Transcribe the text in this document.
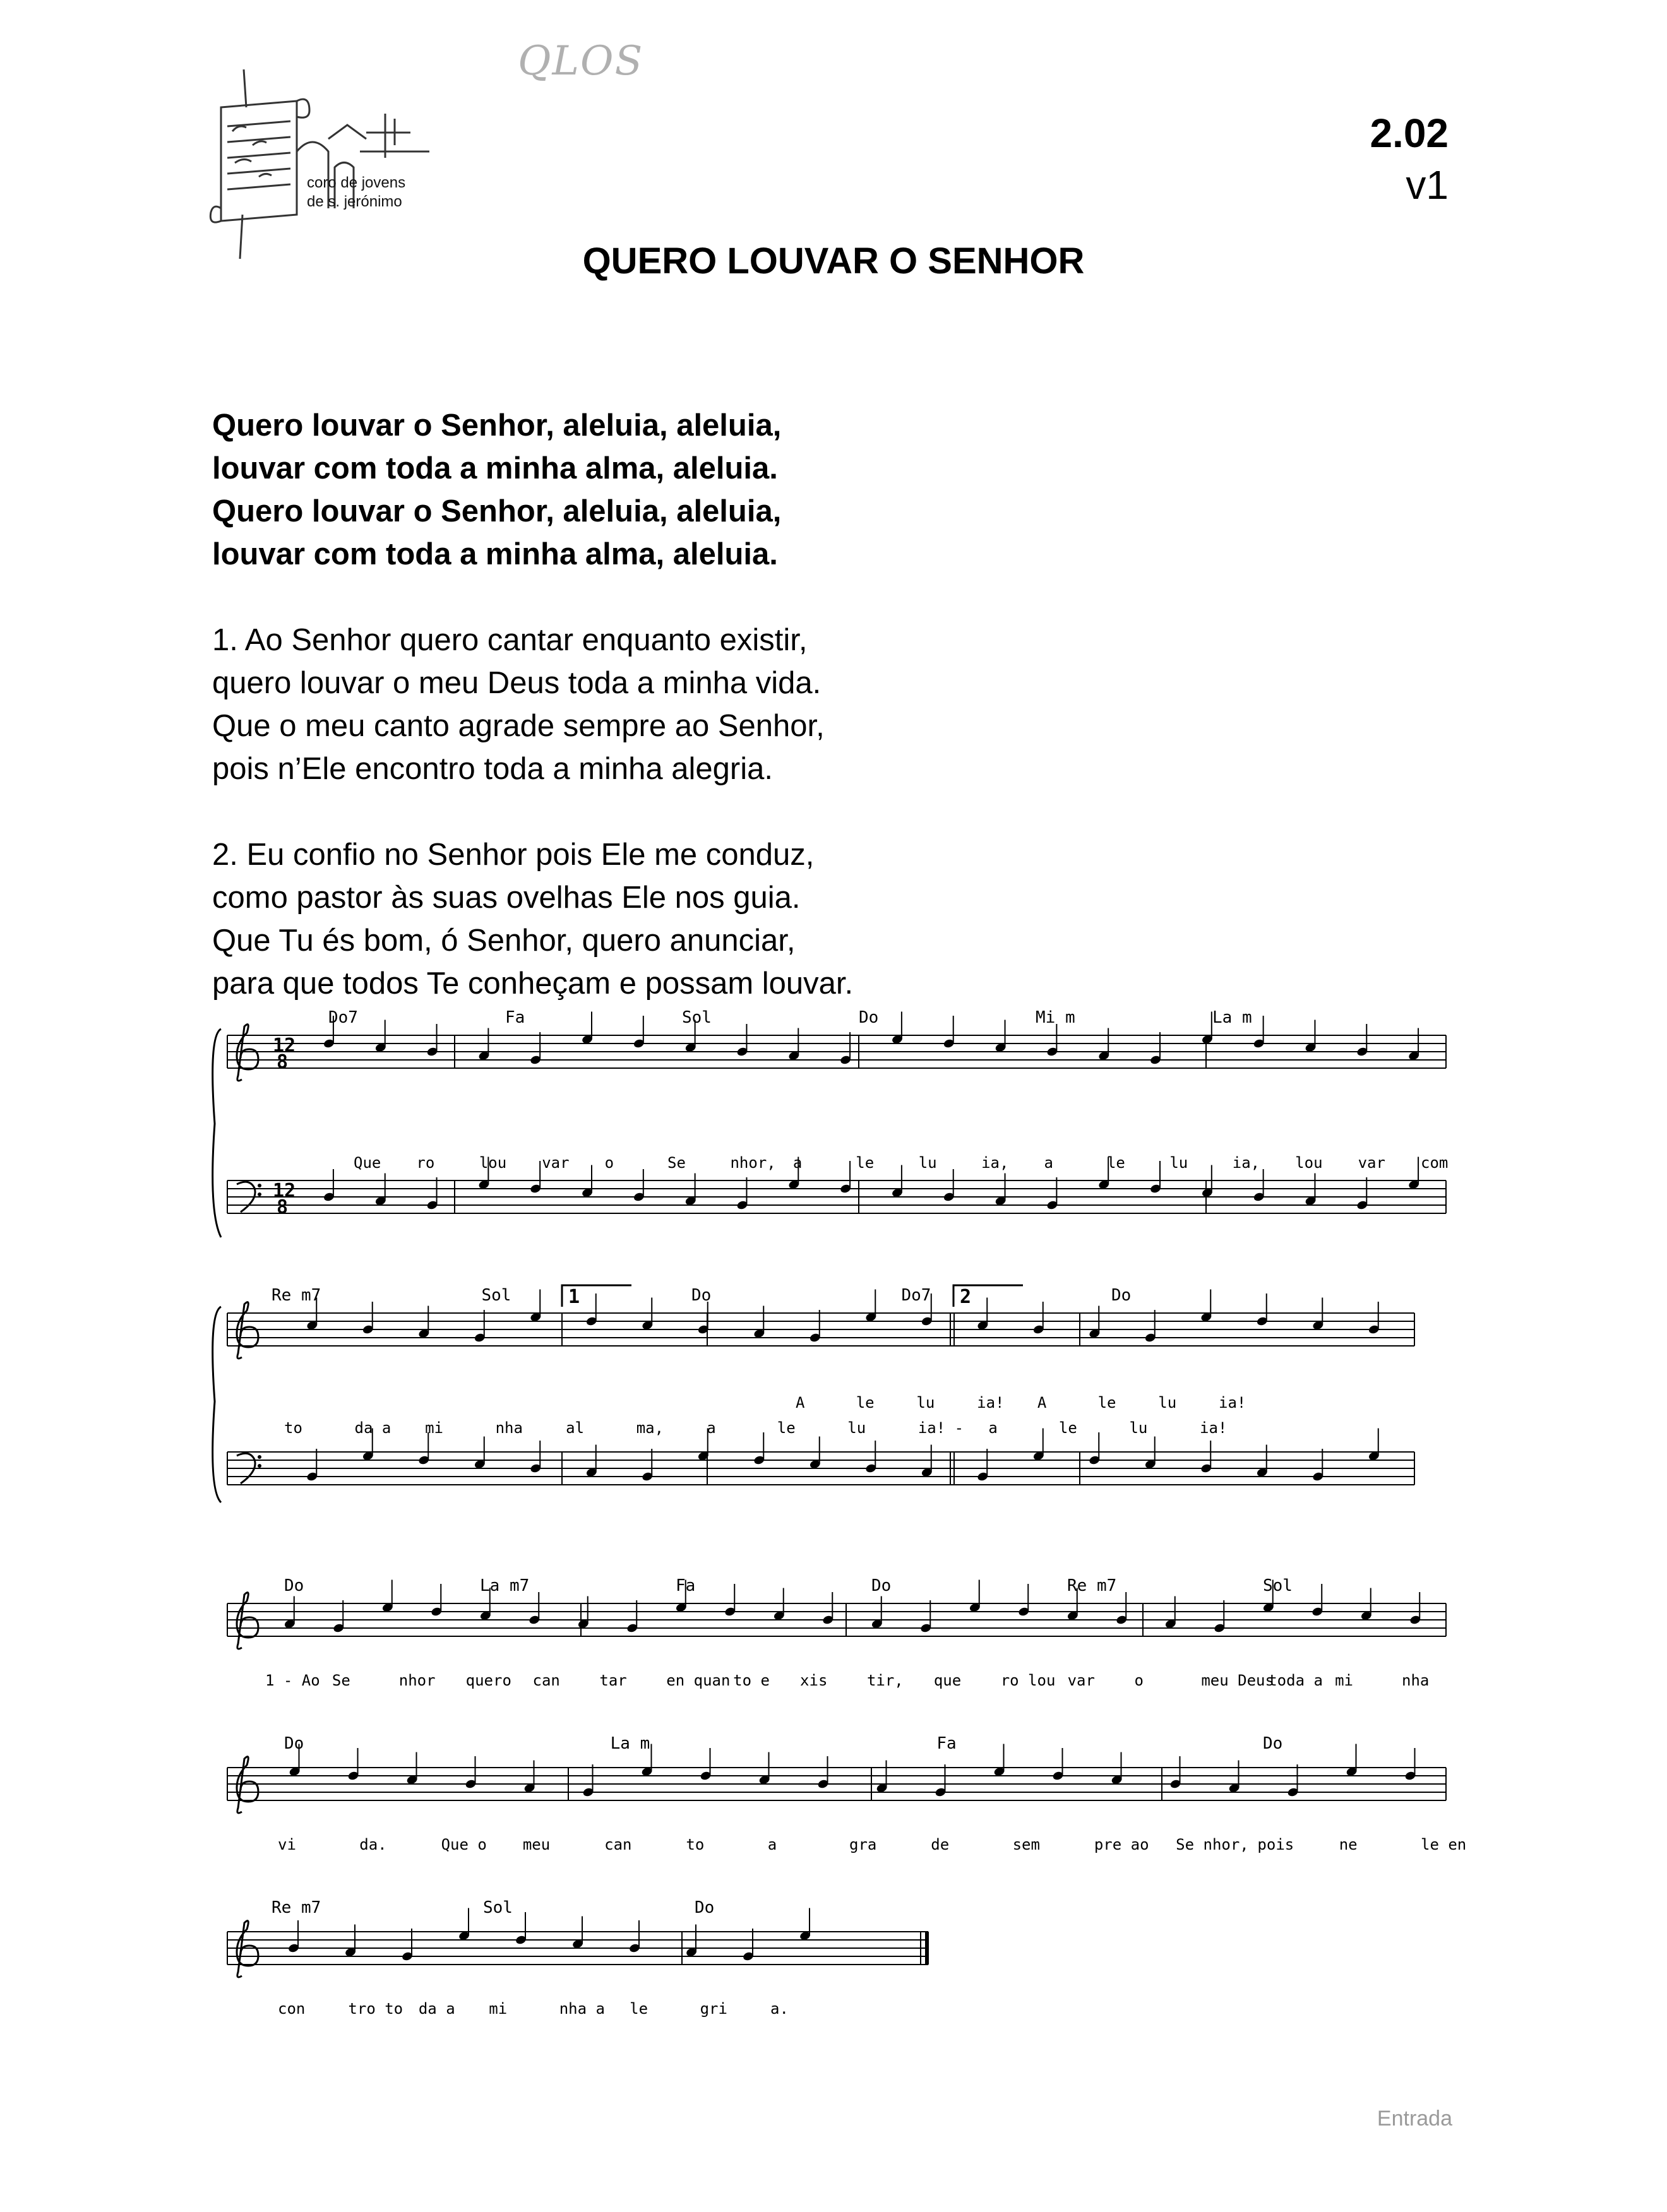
QLOS
coro de jovens
de s. jerónimo
2.02
v1
QUERO LOUVAR O SENHOR
Quero louvar o Senhor, aleluia, aleluia,
louvar com toda a minha alma, aleluia.
Quero louvar o Senhor, aleluia, aleluia,
louvar com toda a minha alma, aleluia.
1. Ao Senhor quero cantar enquanto existir,
quero louvar o meu Deus toda a minha vida.
Que o meu canto agrade sempre ao Senhor,
pois n’Ele encontro toda a minha alegria.
2. Eu confio no Senhor pois Ele me conduz,
como pastor às suas ovelhas Ele nos guia.
Que Tu és bom, ó Senhor, quero anunciar,
para que todos Te conheçam e possam louvar.
Do7	Fa	Sol	Do	Mi m	La m
12
8
12
8
Que ro	lou var o	Se	nhor, a	le	lu	ia, a	le	lu	ia, lou var com
Re m7	Sol	Do	Do7	Do
1	2
A	le	lu	ia! A	le	lu	ia!
to	da a mi	nha	al	ma,	a	le	lu	ia! - a	le	lu	ia!
Do	La m7	Fa	Do	Re m7	Sol
1 - Ao Se	nhor quero can	tar	en quan to e xis	tir, que	ro lou var	o	meu Deus
toda a mi	nha
Do	La m	Fa	Do
vi	da.	Que o meu	can	to	a	gra	de	sem	pre ao Se nhor, pois	ne	le en
Re m7	Sol	Do
con	tro to da a mi	nha a le	gri	a.
Entrada
